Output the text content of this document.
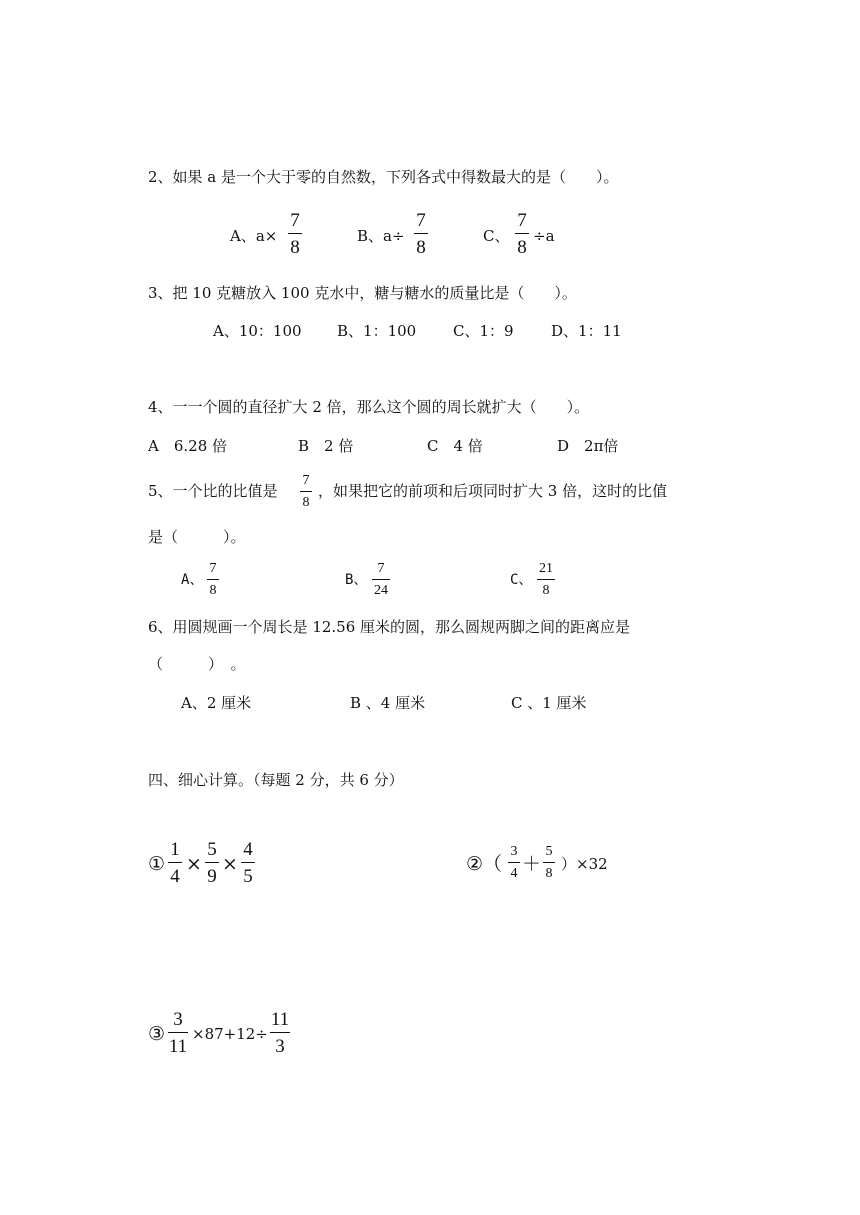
2、如果 a 是一个大于零的自然数，下列各式中得数最大的是（　　）。
A、a×
7
8
B、a÷
7
8
C、
7
8
÷a
3、把 10 克糖放入 100 克水中，糖与糖水的质量比是（　　）。
A、10：100 B、1：100 C、1：9 D、1：11
4、一一个圆的直径扩大 2 倍，那么这个圆的周长就扩大（　　）。
A　6.28 倍	B　2 倍	C　4 倍	D　2π倍
5、一个比的比值是
7
8
，如果把它的前项和后项同时扩大 3 倍，这时的比值
是（　　　）。
A、
7
8
B、
7
24
C、
21
8
6、用圆规画一个周长是 12.56 厘米的圆，那么圆规两脚之间的距离应是
（　　　）　。
A、2 厘米	B 、4 厘米	C 、1 厘米
四、细心计算。（每题 2 分，共 6 分）
①
1
4
×
5
9
×
4
5
②（
3
4 ＋
5
8
）×32
③
3
11
×87+12÷
11
3
